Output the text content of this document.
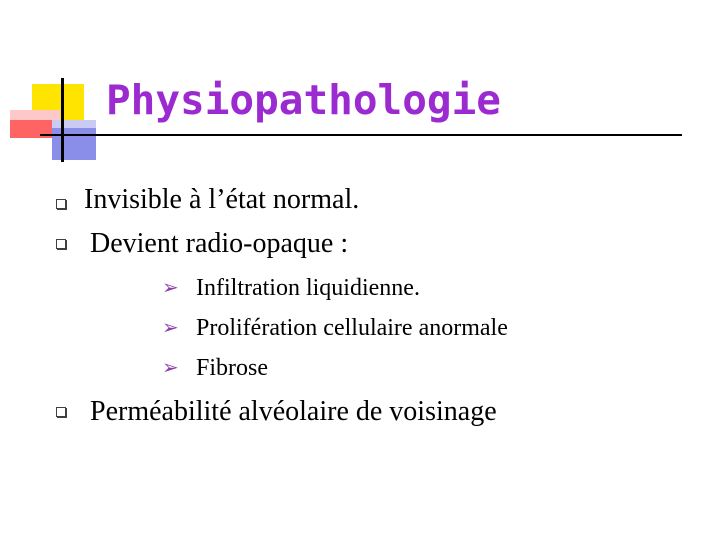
Physiopathologie
Invisible à l’état normal.
Devient radio-opaque :
➢ Infiltration liquidienne.
➢ Prolifération cellulaire anormale
➢ Fibrose
Perméabilité alvéolaire de voisinage
